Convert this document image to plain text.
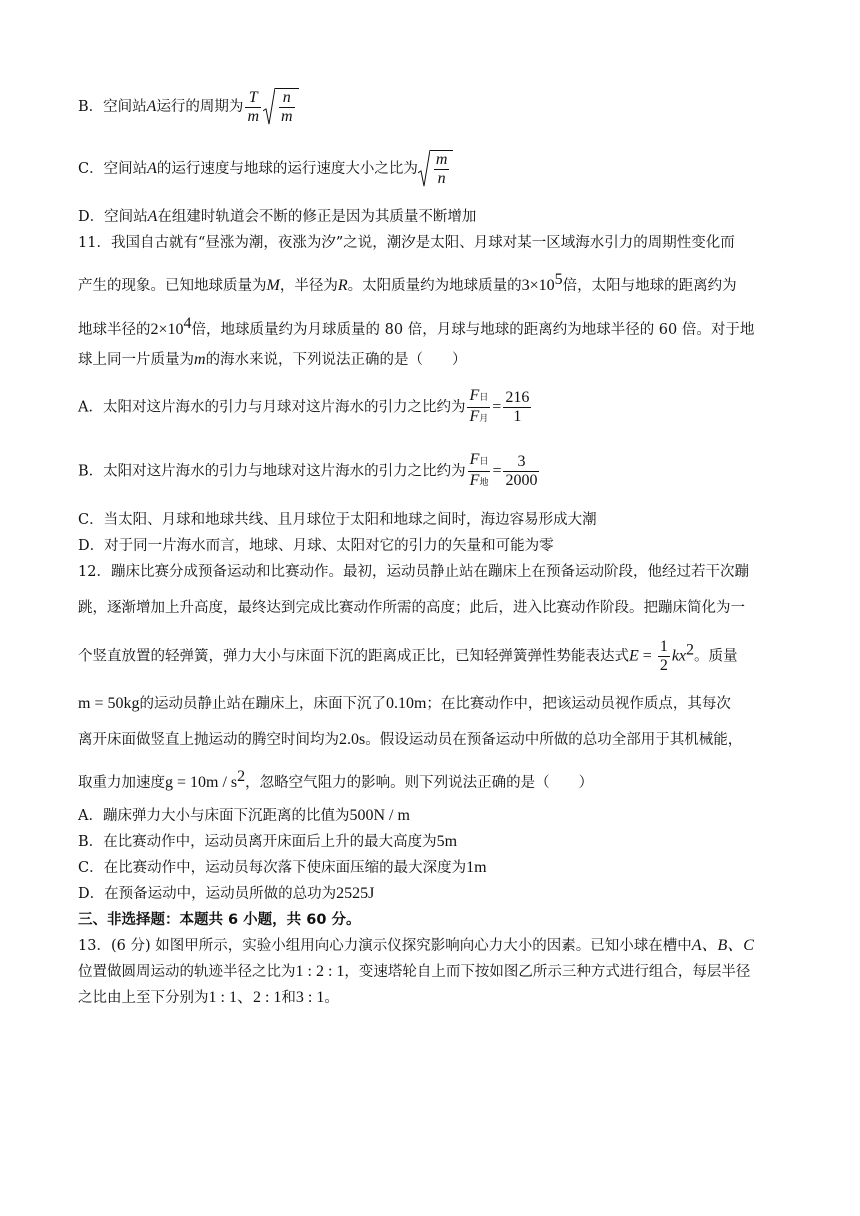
B．空间站A运行的周期为 $\frac{T}{m} \frac{n}{m}$
C．空间站A的运行速度与地球的运行速度大小之比为 $\frac{m}{n}$
D．空间站A在组建时轨道会不断的修正是因为其质量不断增加
11．我国自古就有“昼涨为潮，夜涨为汐”之说，潮汐是太阳、月球对某一区域海水引力的周期性变化而
产生的现象。已知地球质量为M，半径为R。太阳质量约为地球质量的$3\times 10^5$倍，太阳与地球的距离约为
地球半径的$2\times 10^4$倍，地球质量约为月球质量的 80 倍，月球与地球的距离约为地球半径的 60 倍。对于地
球上同一片质量为m的海水来说，下列说法正确的是（　　）
A．太阳对这片海水的引力与月球对这片海水的引力之比约为 $\frac{\text{F日}}{\text{F月}} = \frac{216}{1}$
B．太阳对这片海水的引力与地球对这片海水的引力之比约为 $\frac{\text{F日}}{\text{F地}} = \frac{3}{2000}$
C．当太阳、月球和地球共线、且月球位于太阳和地球之间时，海边容易形成大潮
D．对于同一片海水而言，地球、月球、太阳对它的引力的矢量和可能为零
12．蹦床比赛分成预备运动和比赛动作。最初，运动员静止站在蹦床上在预备运动阶段，他经过若干次蹦
跳，逐渐增加上升高度，最终达到完成比赛动作所需的高度；此后，进入比赛动作阶段。把蹦床简化为一
个竖直放置的轻弹簧，弹力大小与床面下沉的距离成正比，已知轻弹簧弹性势能表达式$E = \frac{1}{2} kx^2$。质量
m = 50kg的运动员静止站在蹦床上，床面下沉了0.10m；在比赛动作中，把该运动员视作质点，其每次
离开床面做竖直上抛运动的腾空时间均为2.0s。假设运动员在预备运动中所做的总功全部用于其机械能，
取重力加速度$g = 10m / s^2$，忽略空气阻力的影响。则下列说法正确的是（　　）
A．蹦床弹力大小与床面下沉距离的比值为500N / m
B．在比赛动作中，运动员离开床面后上升的最大高度为5m
C．在比赛动作中，运动员每次落下使床面压缩的最大深度为1m
D．在预备运动中，运动员所做的总功为2525J
三、非选择题：本题共 6 小题，共 60 分。
13．(6 分) 如图甲所示，实验小组用向心力演示仪探究影响向心力大小的因素。已知小球在槽中A、B、C
位置做圆周运动的轨迹半径之比为1 : 2 : 1，变速塔轮自上而下按如图乙所示三种方式进行组合，每层半径
之比由上至下分别为1 : 1、2 : 1和3 : 1。
